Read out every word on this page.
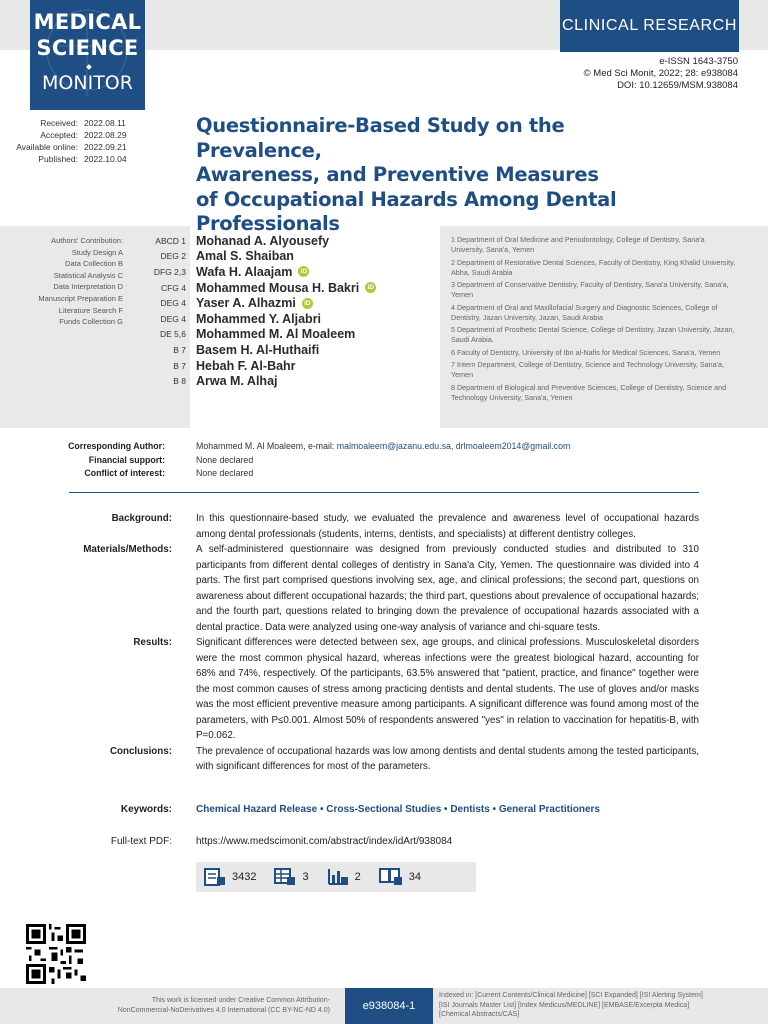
MEDICAL
SCIENCE
MONITOR
CLINICAL RESEARCH
e-ISSN 1643-3750
© Med Sci Monit, 2022; 28: e938084
DOI: 10.12659/MSM.938084
Received: 2022.08.11
Accepted: 2022.08.29
Available online: 2022.09.21
Published: 2022.10.04
Questionnaire-Based Study on the Prevalence,
Awareness, and Preventive Measures
of Occupational Hazards Among Dental
Professionals
Authors' Contribution:
Study Design A
Data Collection B
Statistical Analysis C
Data Interpretation D
Manuscript Preparation E
Literature Search F
Funds Collection G
ABCD 1 Mohanad A. Alyousefy
DEG 2 Amal S. Shaiban
DFG 2,3 Wafa H. Alaajam	iD
CFG 4 Mohammed Mousa H. Bakri	iD
DEG 4 Yaser A. Alhazmi	iD
DEG 4 Mohammed Y. Aljabri
DE 5,6 Mohammed M. Al Moaleem
B 7 Basem H. Al-Huthaifi
B 7 Hebah F. Al-Bahr
B 8 Arwa M. Alhaj
1 Department of Oral Medicine and Periodontology, College of Dentistry, Sana'a University, Sana'a, Yemen
2 Department of Restorative Dental Sciences, Faculty of Dentistry, King Khalid University, Abha, Saudi Arabia
3 Department of Conservative Dentistry, Faculty of Dentistry, Sana'a University, Sana'a, Yemen
4 Department of Oral and Maxillofacial Surgery and Diagnostic Sciences, College of Dentistry, Jazan University, Jazan, Saudi Arabia
5 Department of Prosthetic Dental Science, College of Dentistry, Jazan University, Jazan, Saudi Arabia.
6 Faculty of Dentistry, University of Ibn al-Nafis for Medical Sciences, Sana'a, Yemen
7 Intern Department, College of Dentistry, Science and Technology University, Sana'a, Yemen
8 Department of Biological and Preventive Sciences, College of Dentistry, Science and Technology University, Sana'a, Yemen
Corresponding Author:	Mohammed M. Al Moaleem, e-mail: malmoaleem@jazanu.edu.sa, drlmoaleem2014@gmail.com
Financial support:	None declared
Conflict of interest:	None declared
Background: In this questionnaire-based study, we evaluated the prevalence and awareness level of occupational hazards among dental professionals (students, interns, dentists, and specialists) at different dentistry colleges.
Materials/Methods: A self-administered questionnaire was designed from previously conducted studies and distributed to 310 participants from different dental colleges of dentistry in Sana'a City, Yemen. The questionnaire was divided into 4 parts. The first part comprised questions involving sex, age, and clinical professions; the second part, questions on awareness about different occupational hazards; the third part, questions about prevalence of occupational hazards; and the fourth part, questions related to bringing down the prevalence of occupational hazards associated with a dental practice. Data were analyzed using one-way analysis of variance and chi-square tests.
Results: Significant differences were detected between sex, age groups, and clinical professions. Musculoskeletal disorders were the most common physical hazard, whereas infections were the greatest biological hazard, accounting for 68% and 74%, respectively. Of the participants, 63.5% answered that "patient, practice, and finance" together were the most common causes of stress among practicing dentists and dental students. The use of gloves and/or masks was the most efficient preventive measure among participants. A significant difference was found among most of the parameters, with P≤0.001. Almost 50% of respondents answered "yes" in relation to vaccination for hepatitis-B, with P=0.062.
Conclusions: The prevalence of occupational hazards was low among dentists and dental students among the tested participants, with significant differences for most of the parameters.
Keywords: Chemical Hazard Release • Cross-Sectional Studies • Dentists • General Practitioners
Full-text PDF: https://www.medscimonit.com/abstract/index/idArt/938084
3432	3	2	34
This work is licensed under Creative Common Attribution-
NonCommercial-NoDerivatives 4.0 International (CC BY-NC-ND 4.0)	e938084-1
Indexed in: [Current Contents/Clinical Medicine] [SCI Expanded] [ISI Alerting System]
[ISI Journals Master List] [Index Medicus/MEDLINE] [EMBASE/Excerpta Medica]
[Chemical Abstracts/CAS]
